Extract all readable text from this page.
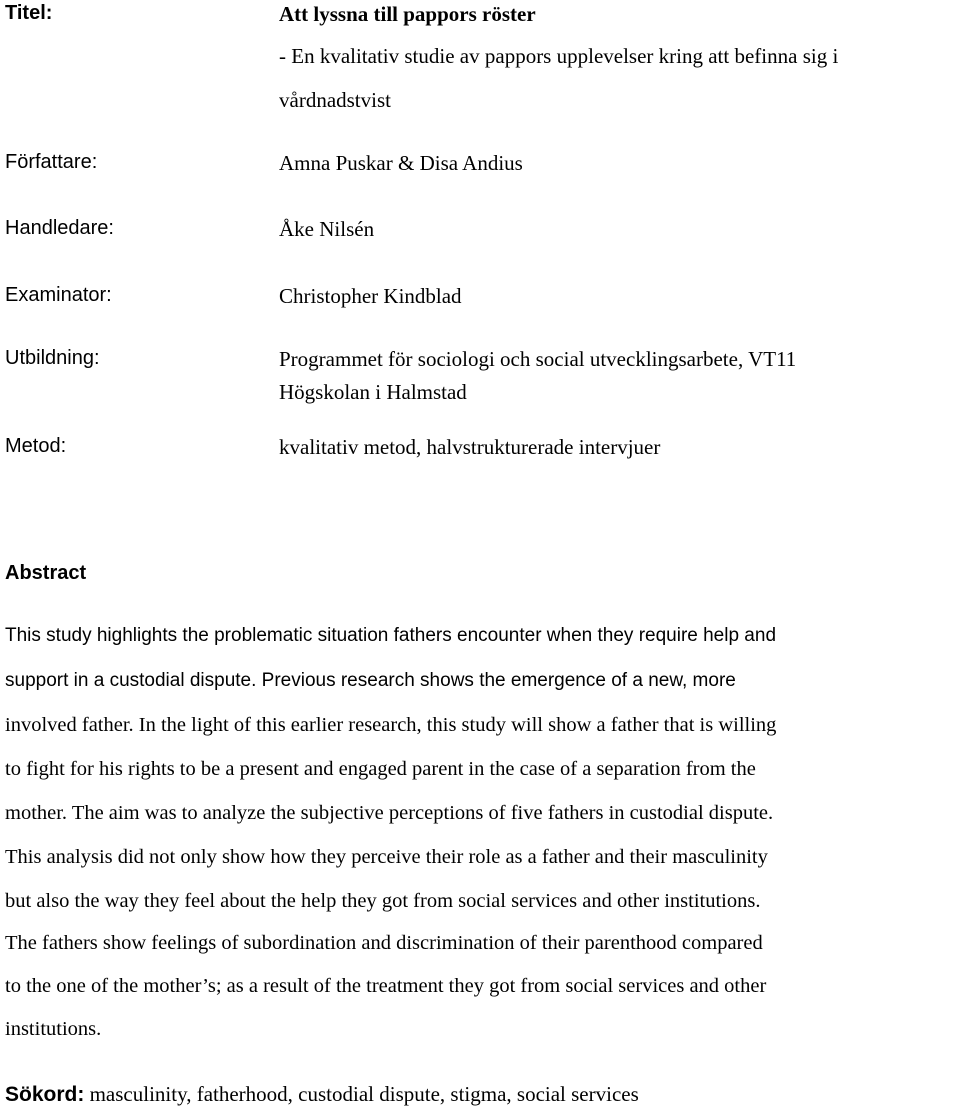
Titel:	Att lyssna till pappors röster
- En kvalitativ studie av pappors upplevelser kring att befinna sig i
vårdnadstvist
Författare:	Amna Puskar & Disa Andius
Handledare:	Åke Nilsén
Examinator:	Christopher Kindblad
Utbildning:	Programmet för sociologi och social utvecklingsarbete, VT11
Högskolan i Halmstad
Metod:	kvalitativ metod, halvstrukturerade intervjuer
Abstract
This study highlights the problematic situation fathers encounter when they require help and
support in a custodial dispute. Previous research shows the emergence of a new, more
involved father. In the light of this earlier research, this study will show a father that is willing
to fight for his rights to be a present and engaged parent in the case of a separation from the
mother. The aim was to analyze the subjective perceptions of five fathers in custodial dispute.
This analysis did not only show how they perceive their role as a father and their masculinity
but also the way they feel about the help they got from social services and other institutions.
The fathers show feelings of subordination and discrimination of their parenthood compared
to the one of the mother’s; as a result of the treatment they got from social services and other
institutions.
Sökord: masculinity, fatherhood, custodial dispute, stigma, social services
